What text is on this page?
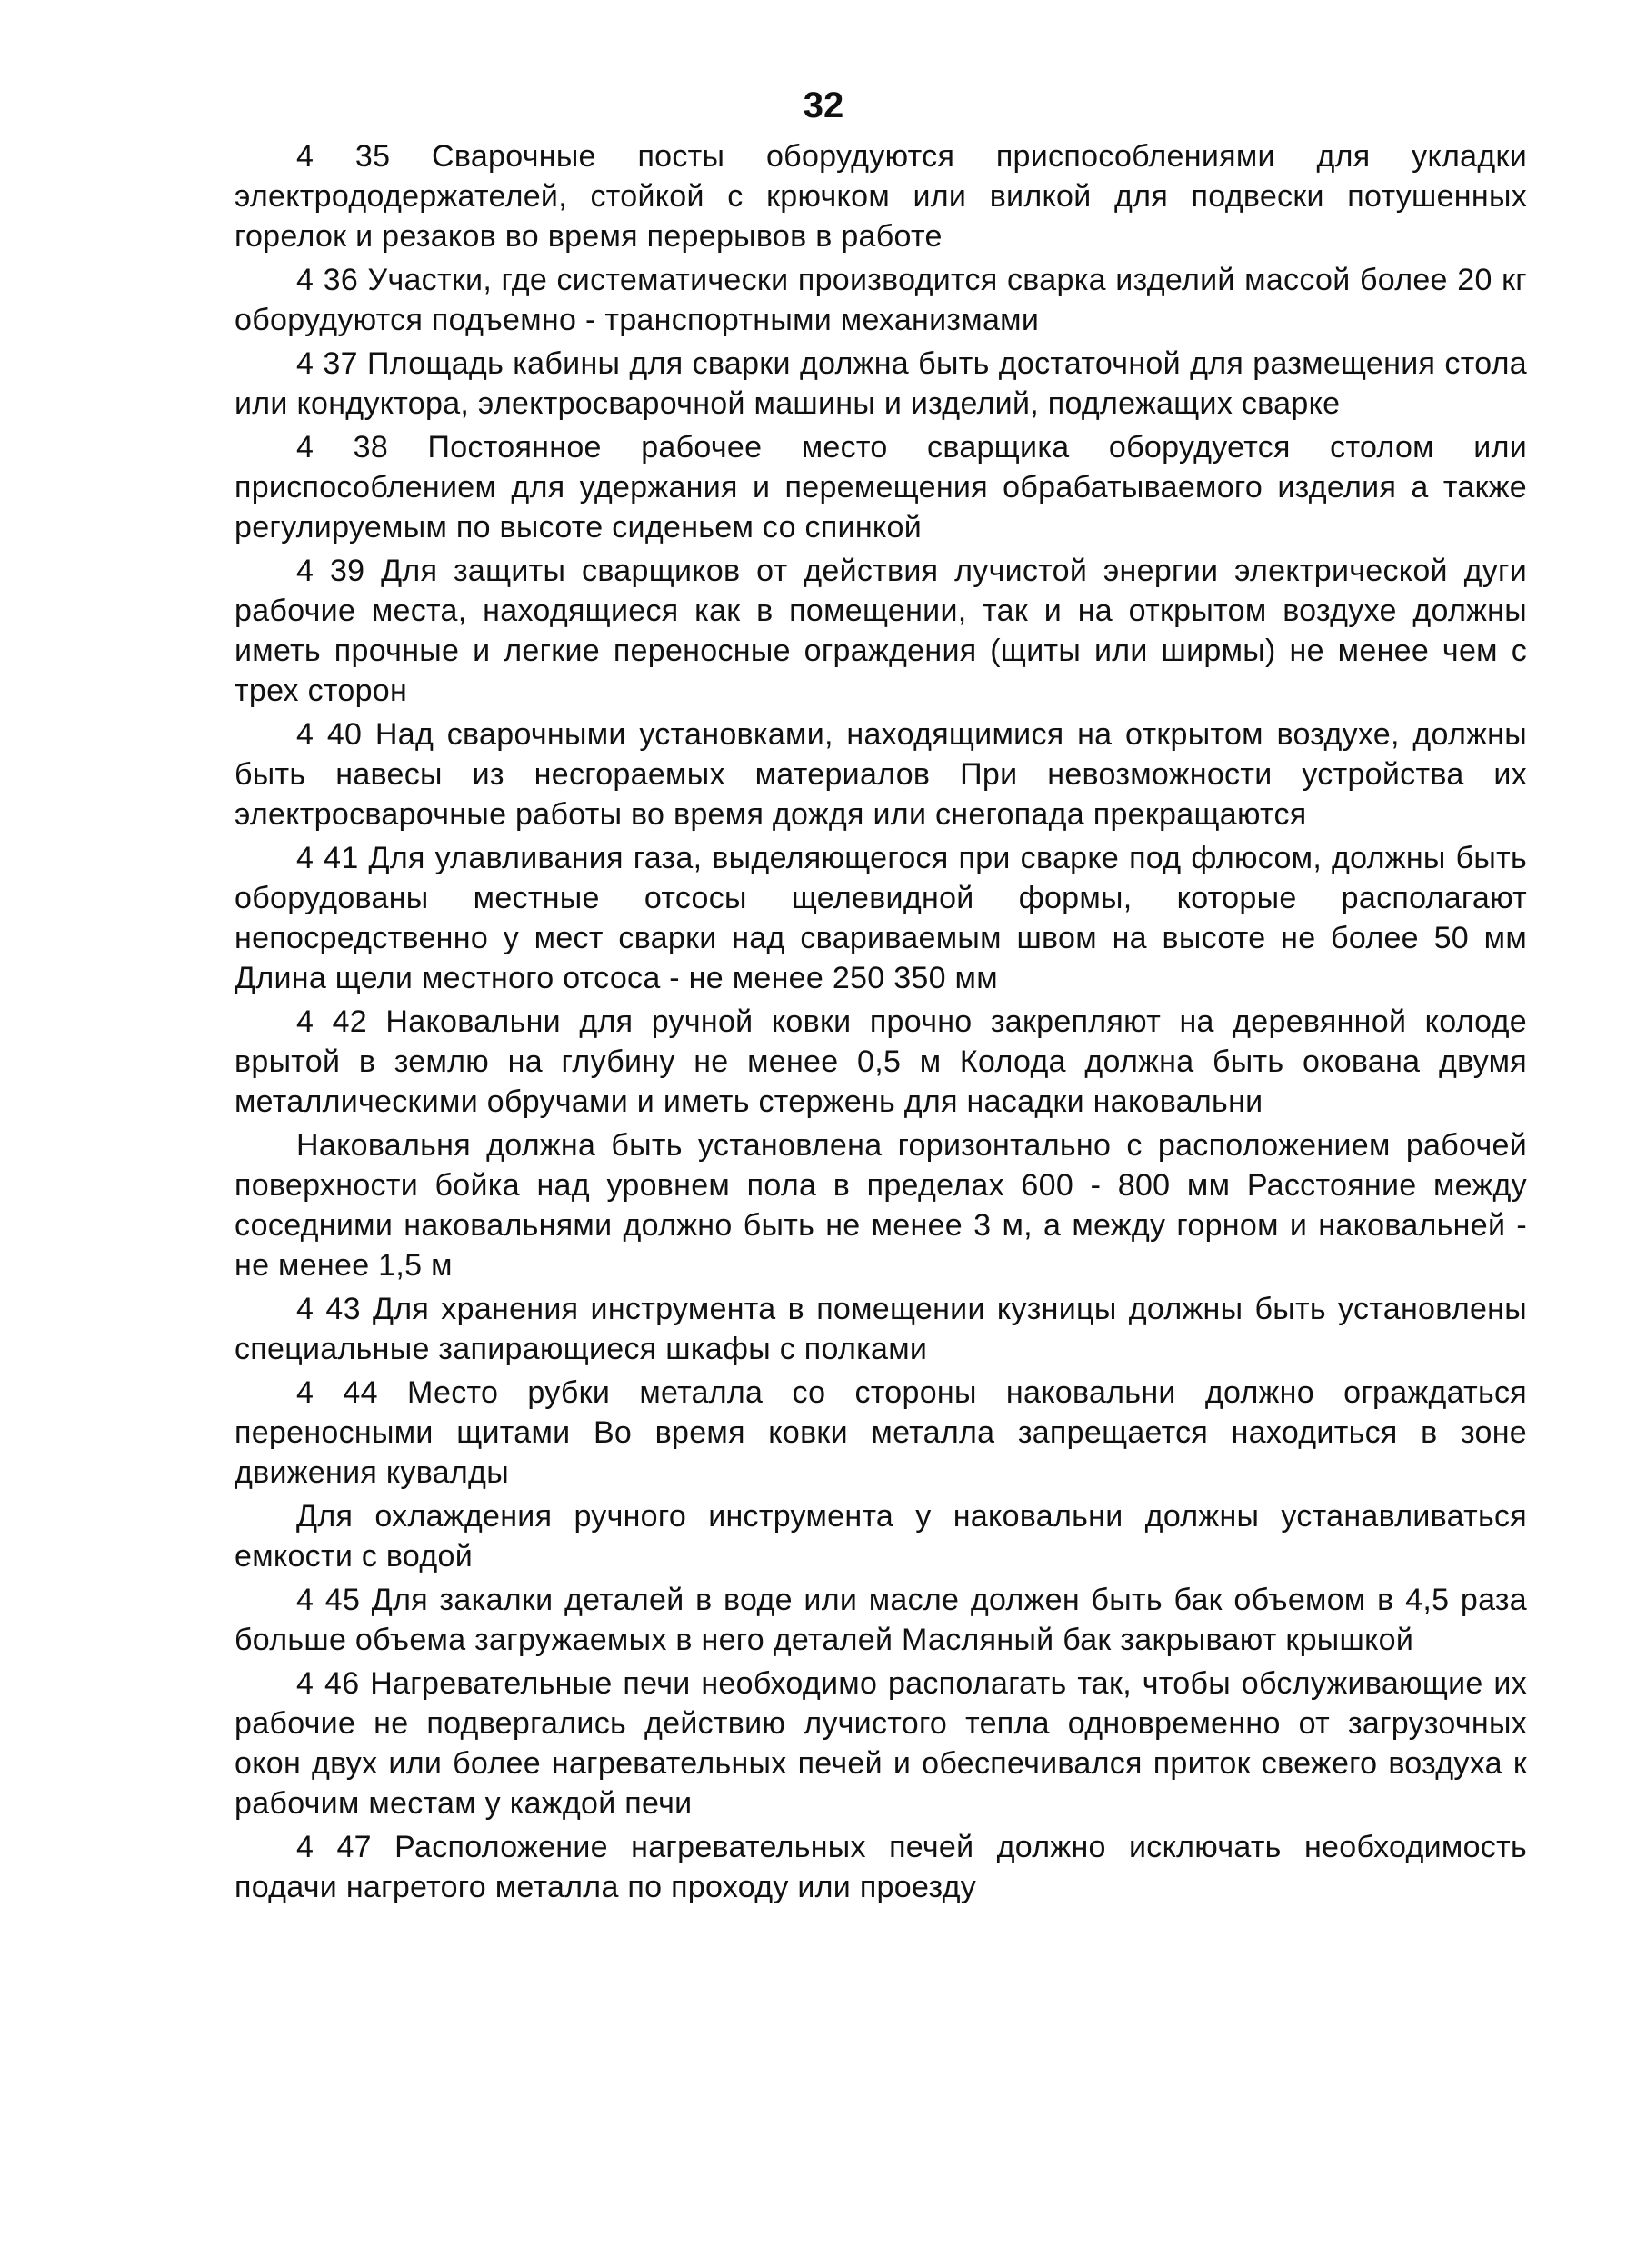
32

4 35 Сварочные посты оборудуются приспособлениями для укладки электрододержателей, стойкой с крючком или вилкой для подвески потушенных горелок и резаков во время перерывов в работе

4 36 Участки, где систематически производится сварка изделий массой более 20 кг оборудуются подъемно - транспортными механизмами

4 37 Площадь кабины для сварки должна быть достаточной для размещения стола или кондуктора, электросварочной машины и изделий, подлежащих сварке

4 38 Постоянное рабочее место сварщика оборудуется столом или приспособлением для удержания и перемещения обрабатываемого изделия а также регулируемым по высоте сиденьем со спинкой

4 39 Для защиты сварщиков от действия лучистой энергии электрической дуги рабочие места, находящиеся как в помещении, так и на открытом воздухе должны иметь прочные и легкие переносные ограждения (щиты или ширмы) не менее чем с трех сторон

4 40 Над сварочными установками, находящимися на открытом воздухе, должны быть навесы из несгораемых материалов При невозможности устройства их электросварочные работы во время дождя или снегопада прекращаются

4 41 Для улавливания газа, выделяющегося при сварке под флюсом, должны быть оборудованы местные отсосы щелевидной формы, которые располагают непосредственно у мест сварки над свариваемым швом на высоте не более 50 мм Длина щели местного отсоса - не менее 250 350 мм

4 42 Наковальни для ручной ковки прочно закрепляют на деревянной колоде врытой в землю на глубину не менее 0,5 м Колода должна быть окована двумя металлическими обручами и иметь стержень для насадки наковальни

Наковальня должна быть установлена горизонтально с расположением рабочей поверхности бойка над уровнем пола в пределах 600 - 800 мм Расстояние между соседними наковальнями должно быть не менее 3 м, а между горном и наковальней - не менее 1,5 м

4 43 Для хранения инструмента в помещении кузницы должны быть установлены специальные запирающиеся шкафы с полками

4 44 Место рубки металла со стороны наковальни должно ограждаться переносными щитами Во время ковки металла запрещается находиться в зоне движения кувалды

Для охлаждения ручного инструмента у наковальни должны устанавливаться емкости с водой

4 45 Для закалки деталей в воде или масле должен быть бак объемом в 4,5 раза больше объема загружаемых в него деталей Масляный бак закрывают крышкой

4 46 Нагревательные печи необходимо располагать так, чтобы обслуживающие их рабочие не подвергались действию лучистого тепла одновременно от загрузочных окон двух или более нагревательных печей и обеспечивался приток свежего воздуха к рабочим местам у каждой печи

4 47 Расположение нагревательных печей должно исключать необходимость подачи нагретого металла по проходу или проезду
